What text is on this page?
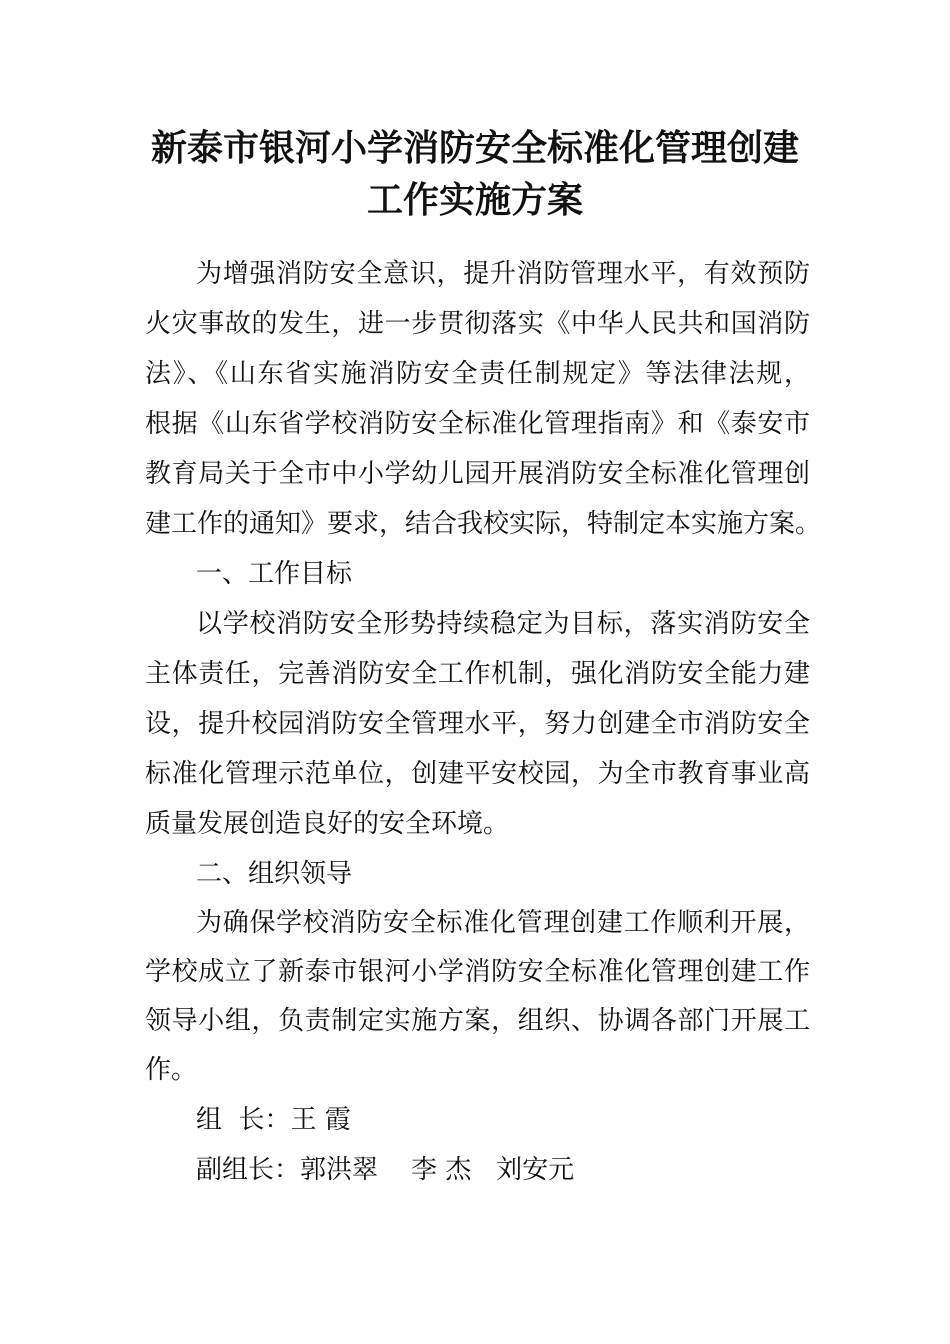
新泰市银河小学消防安全标准化管理创建
工作实施方案
为增强消防安全意识，提升消防管理水平，有效预防
火灾事故的发生，进一步贯彻落实《中华人民共和国消防
法》、《山东省实施消防安全责任制规定》等法律法规，
根据《山东省学校消防安全标准化管理指南》和《泰安市
教育局关于全市中小学幼儿园开展消防安全标准化管理创
建工作的通知》要求，结合我校实际，特制定本实施方案。
一、工作目标
以学校消防安全形势持续稳定为目标，落实消防安全
主体责任，完善消防安全工作机制，强化消防安全能力建
设，提升校园消防安全管理水平，努力创建全市消防安全
标准化管理示范单位，创建平安校园，为全市教育事业高
质量发展创造良好的安全环境。
二、组织领导
为确保学校消防安全标准化管理创建工作顺利开展，
学校成立了新泰市银河小学消防安全标准化管理创建工作
领导小组，负责制定实施方案，组织、协调各部门开展工
作。
组  长：王 霞
副组长：郭洪翠    李 杰   刘安元
